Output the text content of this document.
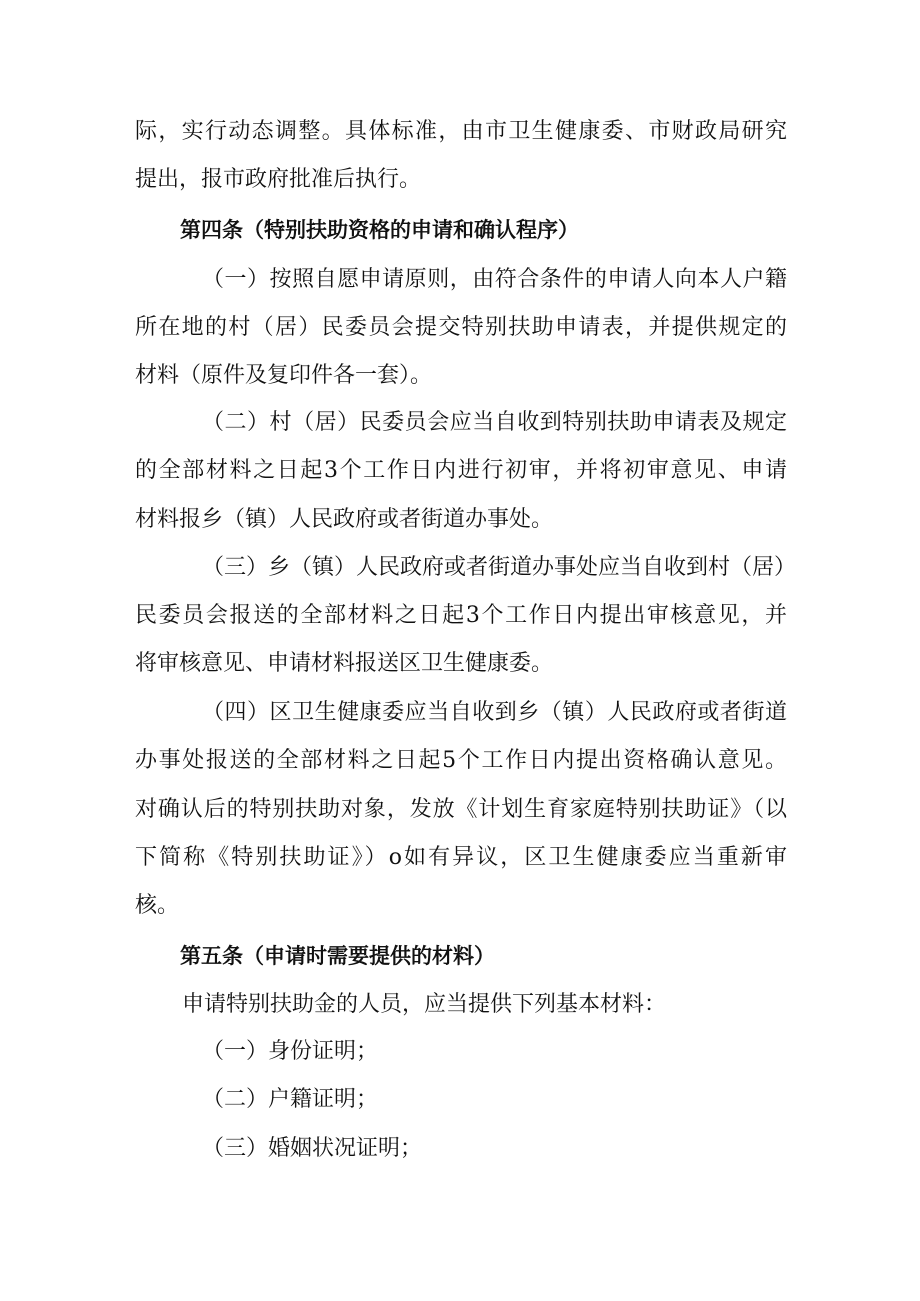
际，实行动态调整。具体标准，由市卫生健康委、市财政局研究
提出，报市政府批准后执行。
第四条（特别扶助资格的申请和确认程序）
（一）按照自愿申请原则，由符合条件的申请人向本人户籍
所在地的村（居）民委员会提交特别扶助申请表，并提供规定的
材料（原件及复印件各一套）。
（二）村（居）民委员会应当自收到特别扶助申请表及规定
的全部材料之日起3个工作日内进行初审，并将初审意见、申请
材料报乡（镇）人民政府或者街道办事处。
（三）乡（镇）人民政府或者街道办事处应当自收到村（居）
民委员会报送的全部材料之日起3个工作日内提出审核意见，并
将审核意见、申请材料报送区卫生健康委。
（四）区卫生健康委应当自收到乡（镇）人民政府或者街道
办事处报送的全部材料之日起5个工作日内提出资格确认意见。
对确认后的特别扶助对象，发放《计划生育家庭特别扶助证》（以
下简称《特别扶助证》）o如有异议，区卫生健康委应当重新审
核。
第五条（申请时需要提供的材料）
申请特别扶助金的人员，应当提供下列基本材料：
（一）身份证明；
（二）户籍证明；
（三）婚姻状况证明；
